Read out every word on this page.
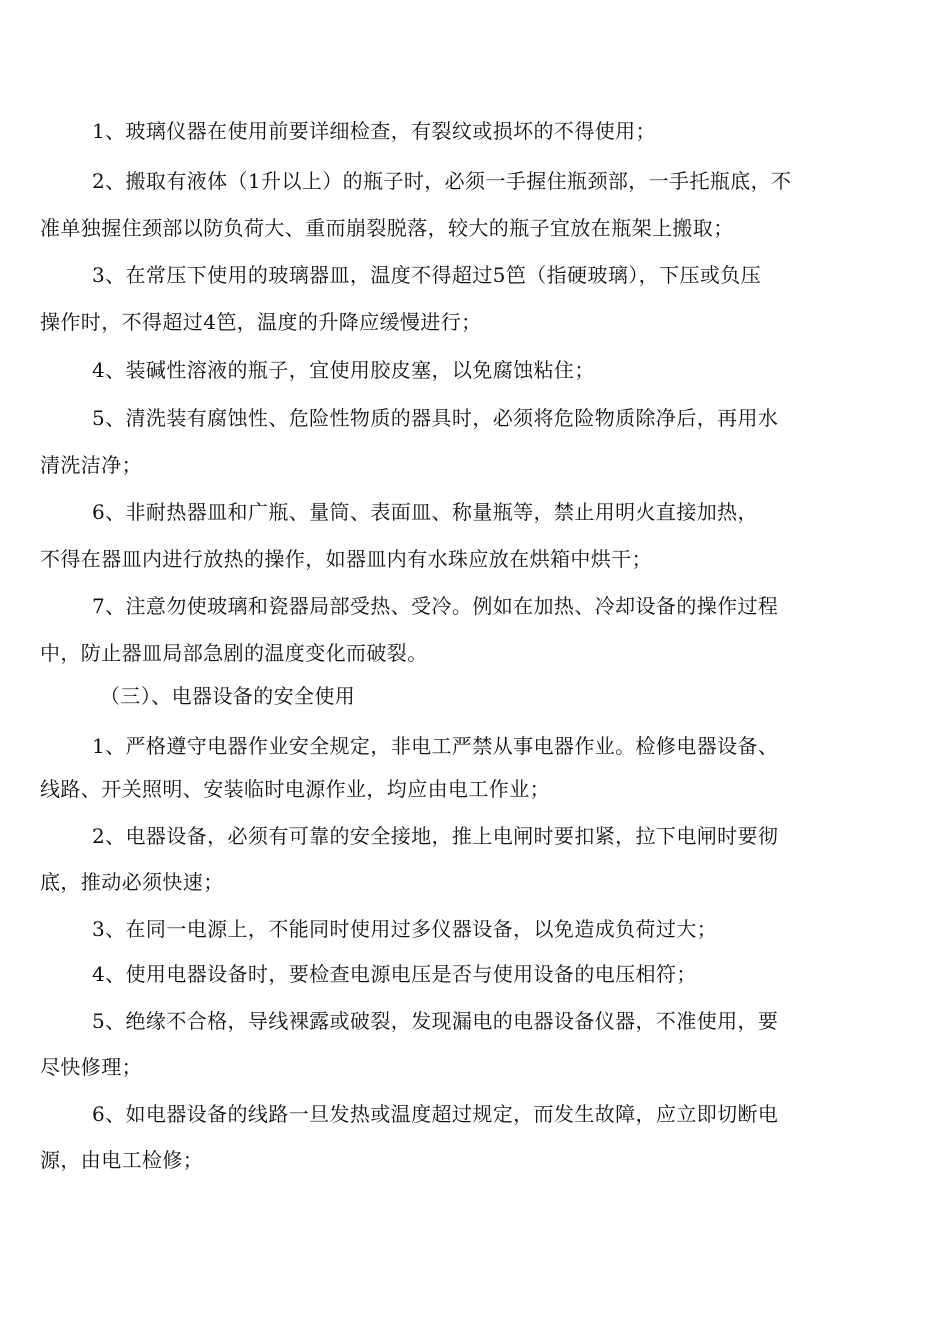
1、玻璃仪器在使用前要详细检查，有裂纹或损坏的不得使用；
2、搬取有液体（1升以上）的瓶子时，必须一手握住瓶颈部，一手托瓶底，不
准单独握住颈部以防负荷大、重而崩裂脱落，较大的瓶子宜放在瓶架上搬取；
3、在常压下使用的玻璃器皿，温度不得超过5笆（指硬玻璃），下压或负压
操作时，不得超过4笆，温度的升降应缓慢进行；
4、装碱性溶液的瓶子，宜使用胶皮塞，以免腐蚀粘住；
5、清洗装有腐蚀性、危险性物质的器具时，必须将危险物质除净后，再用水
清洗洁净；
6、非耐热器皿和广瓶、量筒、表面皿、称量瓶等，禁止用明火直接加热，
不得在器皿内进行放热的操作，如器皿内有水珠应放在烘箱中烘干；
7、注意勿使玻璃和瓷器局部受热、受冷。例如在加热、冷却设备的操作过程
中，防止器皿局部急剧的温度变化而破裂。
（三）、电器设备的安全使用
1、严格遵守电器作业安全规定，非电工严禁从事电器作业。检修电器设备、
线路、开关照明、安装临时电源作业，均应由电工作业；
2、电器设备，必须有可靠的安全接地，推上电闸时要扣紧，拉下电闸时要彻
底，推动必须快速；
3、在同一电源上，不能同时使用过多仪器设备，以免造成负荷过大；
4、使用电器设备时，要检查电源电压是否与使用设备的电压相符；
5、绝缘不合格，导线裸露或破裂，发现漏电的电器设备仪器，不准使用，要
尽快修理；
6、如电器设备的线路一旦发热或温度超过规定，而发生故障，应立即切断电
源，由电工检修；
